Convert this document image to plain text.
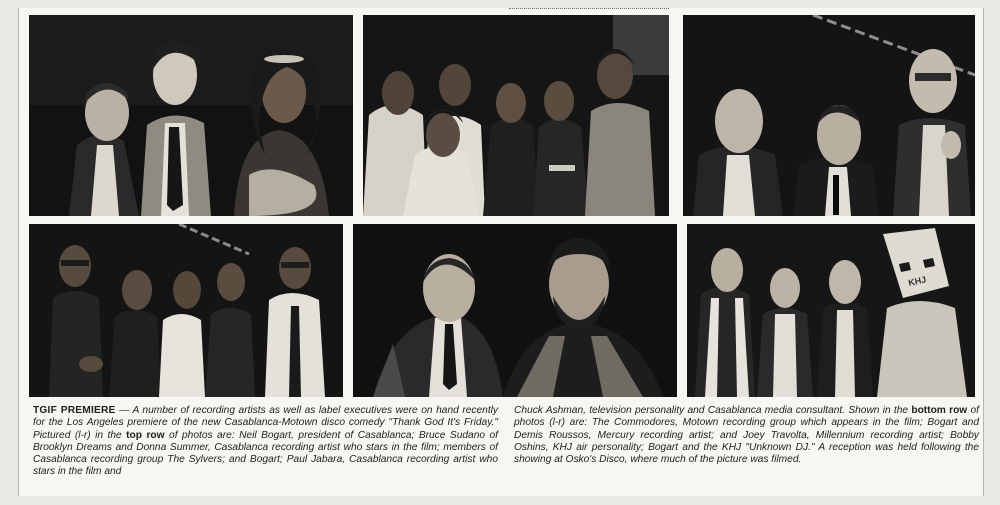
KHJ
TGIF PREMIERE — A number of recording artists as well as label executives were on hand recently for the Los Angeles premiere of the new Casablanca-Motown disco comedy "Thank God It's Friday." Pictured (l-r) in the top row of photos are: Neil Bogart, president of Casablanca; Bruce Sudano of Brooklyn Dreams and Donna Summer, Casablanca recording artist who stars in the film; members of Casablanca recording group The Sylvers; and Bogart; Paul Jabara, Casablanca recording artist who stars in the film and
Chuck Ashman, television personality and Casablanca media consultant. Shown in the bottom row of photos (l-r) are: The Commodores, Motown recording group which appears in the film; Bogart and Demis Roussos, Mercury recording artist; and Joey Travolta, Millennium recording artist; Bobby Oshins, KHJ air personality; Bogart and the KHJ "Unknown DJ." A reception was held following the showing at Osko's Disco, where much of the picture was filmed.
